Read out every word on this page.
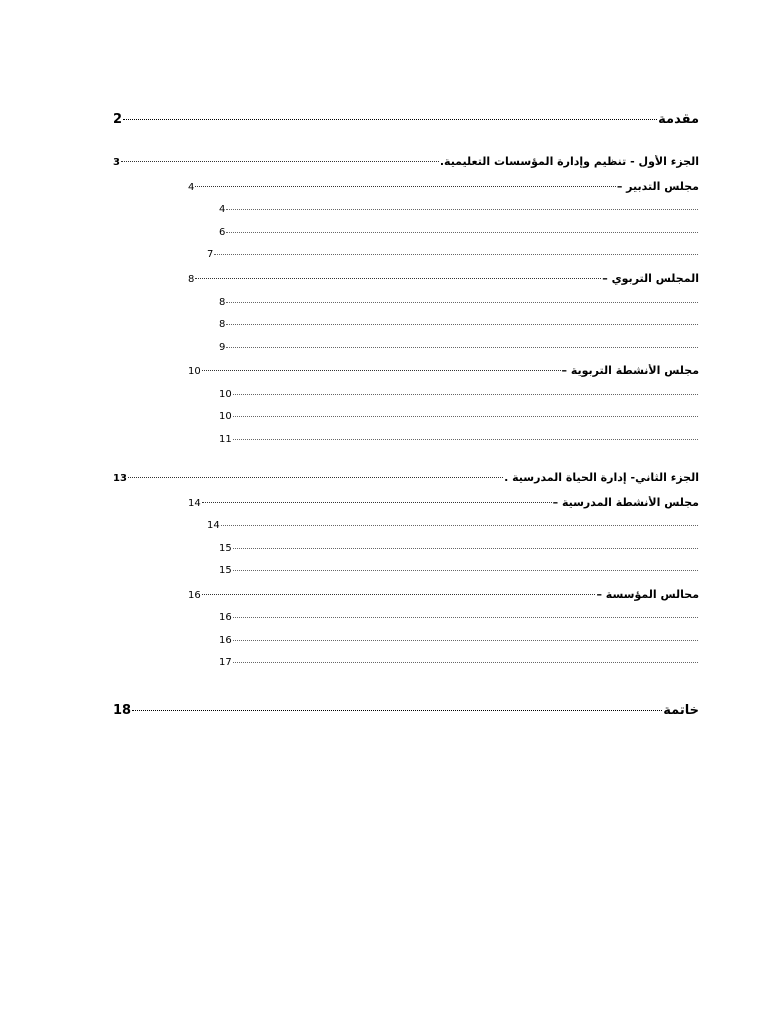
2	مقدمة
3	الجزء الأول - تنظيم وإدارة المؤسسات التعليمية.
4	مجلس التدبير –
4
6
7
8	المجلس التربوي –
8
8
9
10	مجلس الأنشطة التربوية –
10
10
11
13	الجزء الثاني- إدارة الحياة المدرسية .
14	مجلس الأنشطة المدرسية –
14
15
15
16	محالس المؤسسة –
16
16
17
18	خاتمة
